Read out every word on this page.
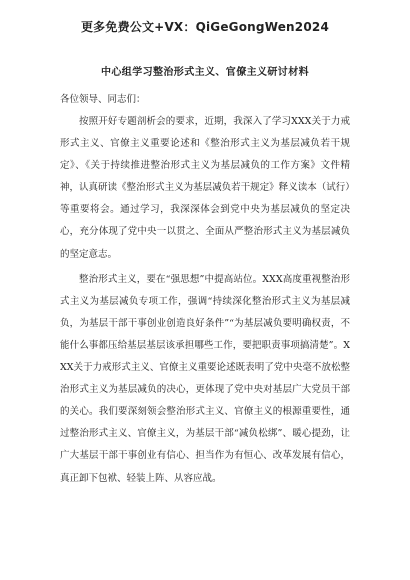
更多免费公文+VX：QiGeGongWen2024
中心组学习整治形式主义、官僚主义研讨材料
各位领导、同志们：

按照开好专题剖析会的要求，近期，我深入了学习XXX关于力戒形式主义、官僚主义重要论述和《整治形式主义为基层减负若干规定》、《关于持续推进整治形式主义为基层减负的工作方案》文件精神，认真研读《整治形式主义为基层减负若干规定》释义读本（试行）等重要将会。通过学习，我深深体会到党中央为基层减负的坚定决心，充分体现了党中央一以贯之、全面从严整治形式主义为基层减负的坚定意志。

整治形式主义，要在“强思想”中提高站位。XXX高度重视整治形式主义为基层减负专项工作，强调“持续深化整治形式主义为基层减负，为基层干部干事创业创造良好条件”“为基层减负要明确权责，不能什么事都压给基层基层该承担哪些工作，要把职责事项搞清楚”。XXX关于力戒形式主义、官僚主义重要论述既表明了党中央毫不放松整治形式主义为基层减负的决心，更体现了党中央对基层广大党员干部的关心。我们要深刻领会整治形式主义、官僚主义的根源重要性，通过整治形式主义、官僚主义，为基层干部“减负松绑”、暖心提劲，让广大基层干部干事创业有信心、担当作为有恒心、改革发展有信心，真正卸下包袱、轻装上阵、从容应战。
